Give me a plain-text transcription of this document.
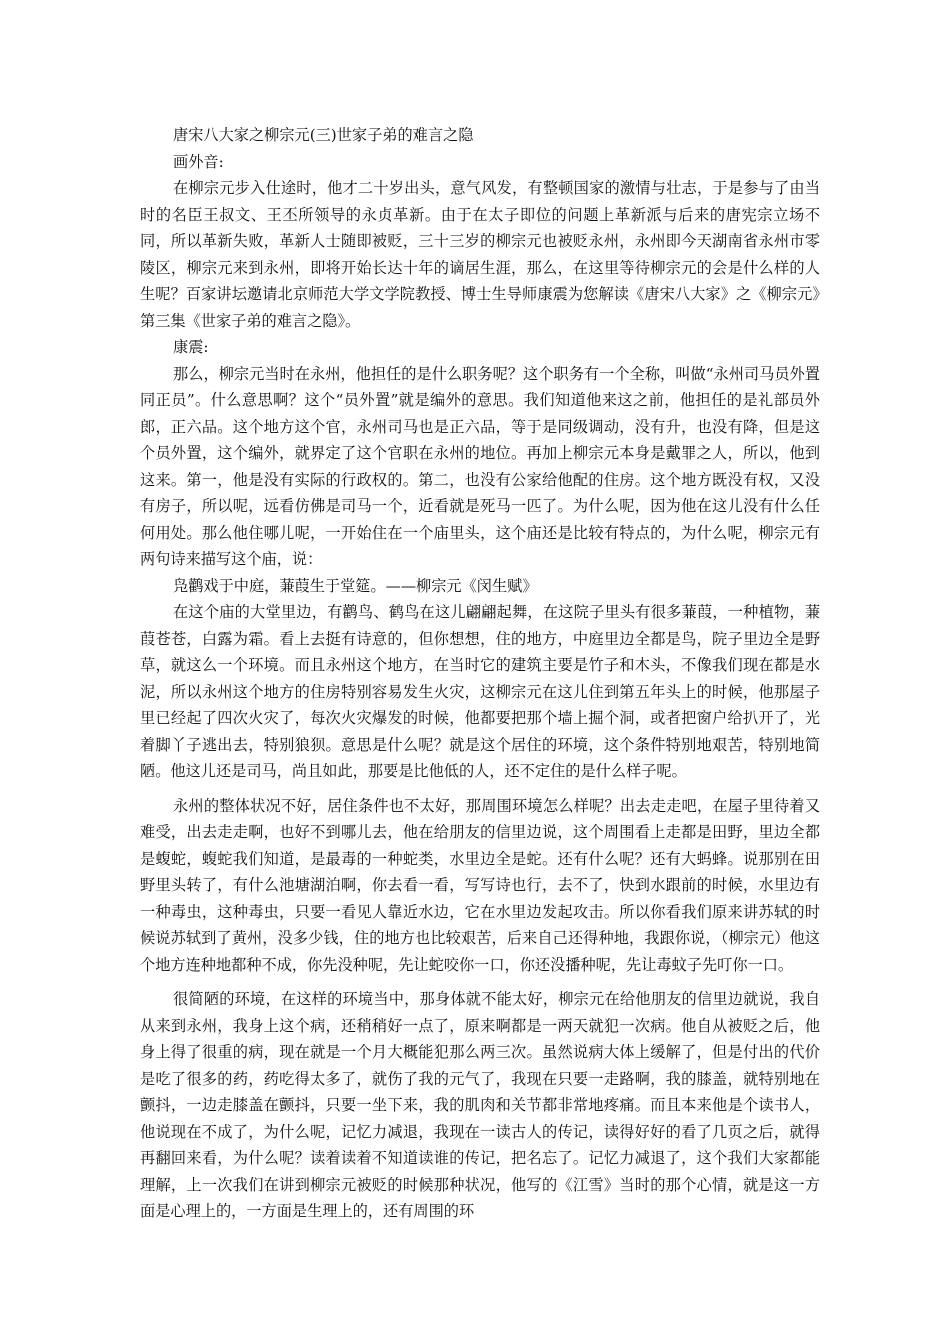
唐宋八大家之柳宗元(三)世家子弟的难言之隐

画外音:

在柳宗元步入仕途时，他才二十岁出头，意气风发，有整顿国家的激情与壮志，于是参与了由当时的名臣王叔文、王丕所领导的永贞革新。由于在太子即位的问题上革新派与后来的唐宪宗立场不同，所以革新失败，革新人士随即被贬，三十三岁的柳宗元也被贬永州，永州即今天湖南省永州市零陵区，柳宗元来到永州，即将开始长达十年的谪居生涯，那么，在这里等待柳宗元的会是什么样的人生呢？百家讲坛邀请北京师范大学文学院教授、博士生导师康震为您解读《唐宋八大家》之《柳宗元》第三集《世家子弟的难言之隐》。

康震:

那么，柳宗元当时在永州，他担任的是什么职务呢？这个职务有一个全称，叫做“永州司马员外置同正员”。什么意思啊？这个“员外置”就是编外的意思。我们知道他来这之前，他担任的是礼部员外郎，正六品。这个地方这个官，永州司马也是正六品，等于是同级调动，没有升，也没有降，但是这个员外置，这个编外，就界定了这个官职在永州的地位。再加上柳宗元本身是戴罪之人，所以，他到这来。第一，他是没有实际的行政权的。第二，也没有公家给他配的住房。这个地方既没有权，又没有房子，所以呢，远看仿佛是司马一个，近看就是死马一匹了。为什么呢，因为他在这儿没有什么任何用处。那么他住哪儿呢，一开始住在一个庙里头，这个庙还是比较有特点的，为什么呢，柳宗元有两句诗来描写这个庙，说：

凫鹳戏于中庭，蒹葭生于堂筵。——柳宗元《闵生赋》

在这个庙的大堂里边，有鹳鸟、鹤鸟在这儿翩翩起舞，在这院子里头有很多蒹葭，一种植物，蒹葭苍苍，白露为霜。看上去挺有诗意的，但你想想，住的地方，中庭里边全都是鸟，院子里边全是野草，就这么一个环境。而且永州这个地方，在当时它的建筑主要是竹子和木头，不像我们现在都是水泥，所以永州这个地方的住房特别容易发生火灾，这柳宗元在这儿住到第五年头上的时候，他那屋子里已经起了四次火灾了，每次火灾爆发的时候，他都要把那个墙上掘个洞，或者把窗户给扒开了，光着脚丫子逃出去，特别狼狈。意思是什么呢？就是这个居住的环境，这个条件特别地艰苦，特别地简陋。他这儿还是司马，尚且如此，那要是比他低的人，还不定住的是什么样子呢。

永州的整体状况不好，居住条件也不太好，那周围环境怎么样呢？出去走走吧，在屋子里待着又难受，出去走走啊，也好不到哪儿去，他在给朋友的信里边说，这个周围看上走都是田野，里边全都是蝮蛇，蝮蛇我们知道，是最毒的一种蛇类，水里边全是蛇。还有什么呢？还有大蚂蜂。说那别在田野里头转了，有什么池塘湖泊啊，你去看一看，写写诗也行，去不了，快到水跟前的时候，水里边有一种毒虫，这种毒虫，只要一看见人靠近水边，它在水里边发起攻击。所以你看我们原来讲苏轼的时候说苏轼到了黄州，没多少钱，住的地方也比较艰苦，后来自己还得种地，我跟你说，（柳宗元）他这个地方连种地都种不成，你先没种呢，先让蛇咬你一口，你还没播种呢，先让毒蚊子先叮你一口。

很简陋的环境，在这样的环境当中，那身体就不能太好，柳宗元在给他朋友的信里边就说，我自从来到永州，我身上这个病，还稍稍好一点了，原来啊都是一两天就犯一次病。他自从被贬之后，他身上得了很重的病，现在就是一个月大概能犯那么两三次。虽然说病大体上缓解了，但是付出的代价是吃了很多的药，药吃得太多了，就伤了我的元气了，我现在只要一走路啊，我的膝盖，就特别地在颤抖，一边走膝盖在颤抖，只要一坐下来，我的肌肉和关节都非常地疼痛。而且本来他是个读书人，他说现在不成了，为什么呢，记忆力减退，我现在一读古人的传记，读得好好的看了几页之后，就得再翻回来看，为什么呢？读着读着不知道读谁的传记，把名忘了。记忆力减退了，这个我们大家都能理解，上一次我们在讲到柳宗元被贬的时候那种状况，他写的《江雪》当时的那个心情，就是这一方面是心理上的，一方面是生理上的，还有周围的环
